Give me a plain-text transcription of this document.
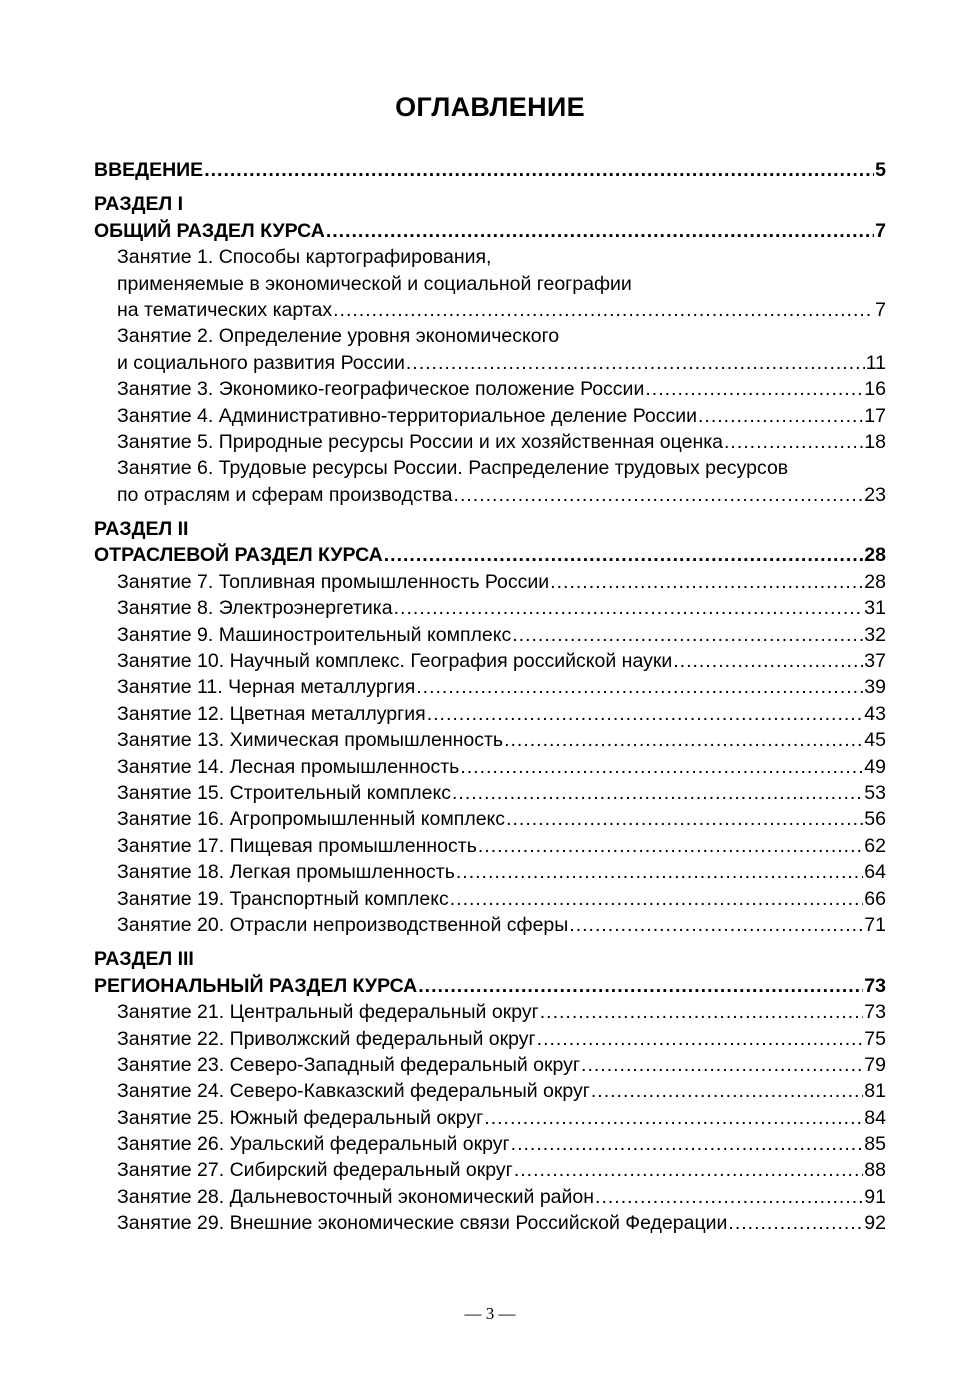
ОГЛАВЛЕНИЕ
ВВЕДЕНИЕ .....	5
РАЗДЕЛ I
ОБЩИЙ РАЗДЕЛ КУРСА .....	7
Занятие 1. Способы картографирования,
применяемые в экономической и социальной географии
на тематических картах .....	7
Занятие 2. Определение уровня экономического
и социального развития России .....	11
Занятие 3. Экономико-географическое положение России .....	16
Занятие 4. Административно-территориальное деление России .....	17
Занятие 5. Природные ресурсы России и их хозяйственная оценка .....	18
Занятие 6. Трудовые ресурсы России. Распределение трудовых ресурсов
по отраслям и сферам производства .....	23
РАЗДЕЛ II
ОТРАСЛЕВОЙ РАЗДЕЛ КУРСА .....	28
Занятие 7. Топливная промышленность России .....	28
Занятие 8. Электроэнергетика .....	31
Занятие 9. Машиностроительный комплекс .....	32
Занятие 10. Научный комплекс. География российской науки .....	37
Занятие 11. Черная металлургия .....	39
Занятие 12. Цветная металлургия .....	43
Занятие 13. Химическая промышленность .....	45
Занятие 14. Лесная промышленность .....	49
Занятие 15. Строительный комплекс .....	53
Занятие 16. Агропромышленный комплекс .....	56
Занятие 17. Пищевая промышленность .....	62
Занятие 18. Легкая промышленность .....	64
Занятие 19. Транспортный комплекс .....	66
Занятие 20. Отрасли непроизводственной сферы .....	71
РАЗДЕЛ III
РЕГИОНАЛЬНЫЙ РАЗДЕЛ КУРСА .....	73
Занятие 21. Центральный федеральный округ .....	73
Занятие 22. Приволжский федеральный округ .....	75
Занятие 23. Северо-Западный федеральный округ .....	79
Занятие 24. Северо-Кавказский федеральный округ .....	81
Занятие 25. Южный федеральный округ .....	84
Занятие 26. Уральский федеральный округ .....	85
Занятие 27. Сибирский федеральный округ .....	88
Занятие 28. Дальневосточный экономический район .....	91
Занятие 29. Внешние экономические связи Российской Федерации .....	92
— 3 —
